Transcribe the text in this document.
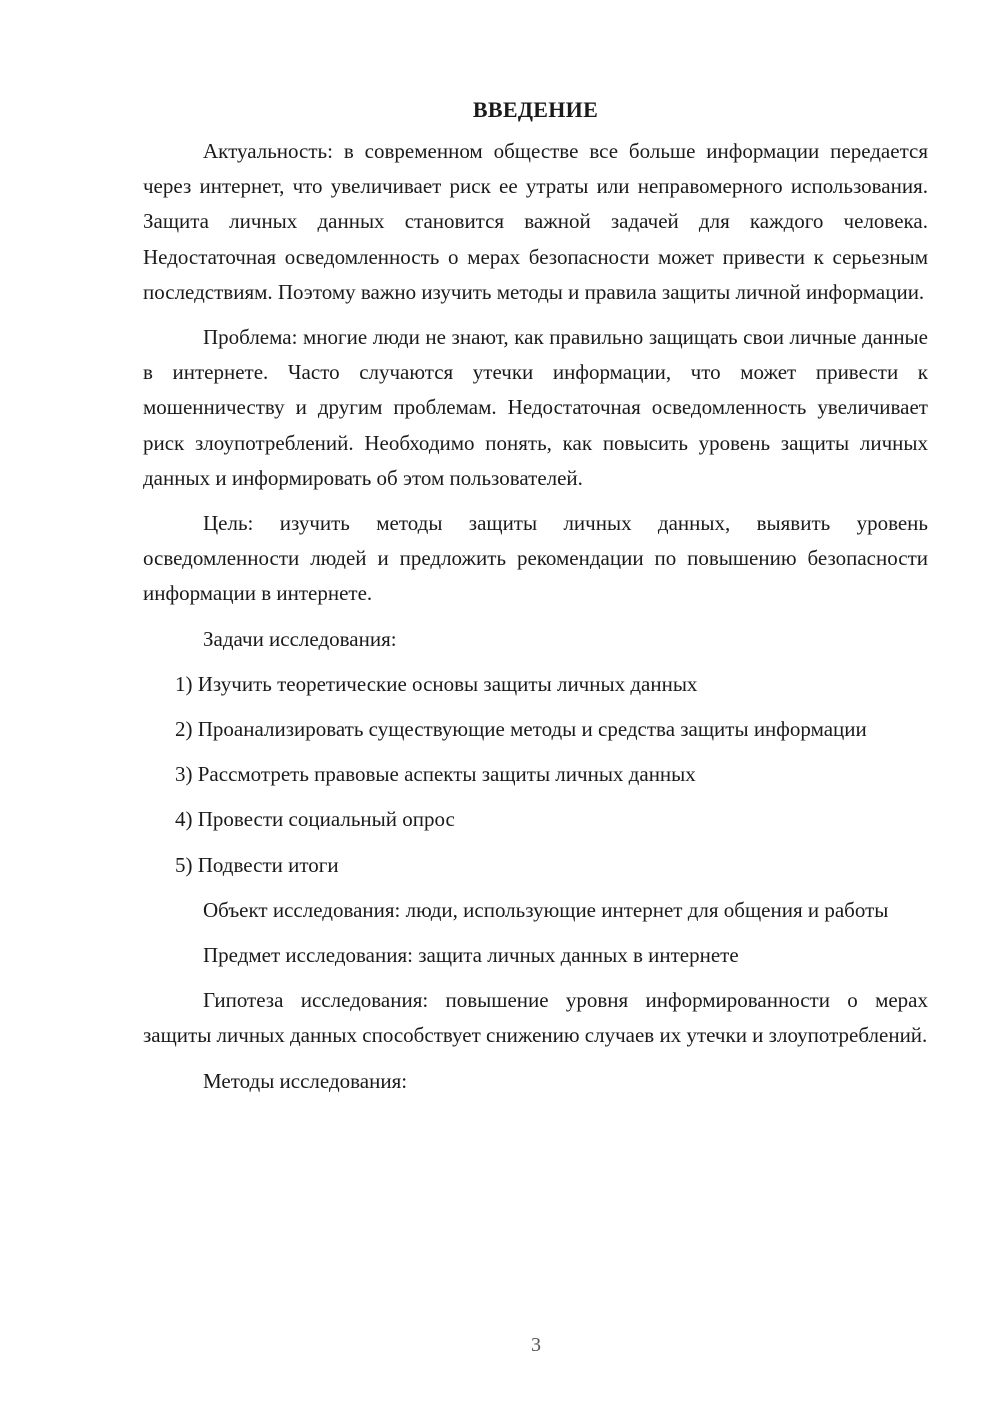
ВВЕДЕНИЕ

Актуальность: в современном обществе все больше информации передается через интернет, что увеличивает риск ее утраты или неправомерного использования. Защита личных данных становится важной задачей для каждого человека. Недостаточная осведомленность о мерах безопасности может привести к серьезным последствиям. Поэтому важно изучить методы и правила защиты личной информации.

Проблема: многие люди не знают, как правильно защищать свои личные данные в интернете. Часто случаются утечки информации, что может привести к мошенничеству и другим проблемам. Недостаточная осведомленность увеличивает риск злоупотреблений. Необходимо понять, как повысить уровень защиты личных данных и информировать об этом пользователей.

Цель: изучить методы защиты личных данных, выявить уровень осведомленности людей и предложить рекомендации по повышению безопасности информации в интернете.

Задачи исследования:

1) Изучить теоретические основы защиты личных данных

2) Проанализировать существующие методы и средства защиты информации

3) Рассмотреть правовые аспекты защиты личных данных

4) Провести социальный опрос

5) Подвести итоги

Объект исследования: люди, использующие интернет для общения и работы

Предмет исследования: защита личных данных в интернете

Гипотеза исследования: повышение уровня информированности о мерах защиты личных данных способствует снижению случаев их утечки и злоупотреблений.

Методы исследования:

3
